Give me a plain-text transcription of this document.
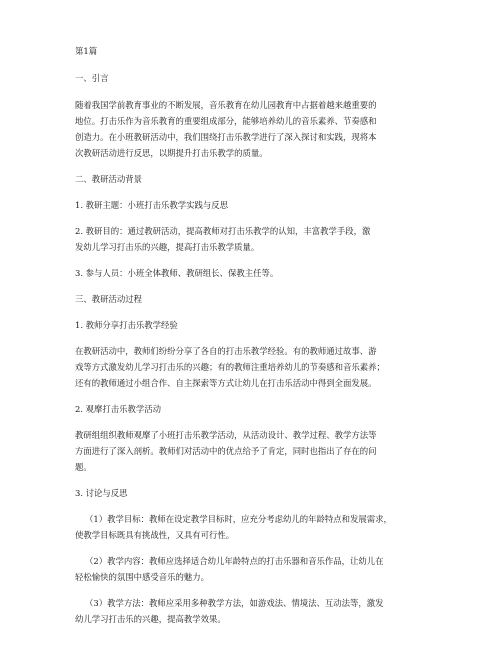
第1篇
一、引言
随着我国学前教育事业的不断发展，音乐教育在幼儿园教育中占据着越来越重要的
地位。打击乐作为音乐教育的重要组成部分，能够培养幼儿的音乐素养、节奏感和
创造力。在小班教研活动中，我们围绕打击乐教学进行了深入探讨和实践，现将本
次教研活动进行反思，以期提升打击乐教学的质量。
二、教研活动背景
1. 教研主题：小班打击乐教学实践与反思
2. 教研目的：通过教研活动，提高教师对打击乐教学的认知，丰富教学手段，激
发幼儿学习打击乐的兴趣，提高打击乐教学质量。
3. 参与人员：小班全体教师、教研组长、保教主任等。
三、教研活动过程
1. 教师分享打击乐教学经验
在教研活动中，教师们纷纷分享了各自的打击乐教学经验。有的教师通过故事、游
戏等方式激发幼儿学习打击乐的兴趣；有的教师注重培养幼儿的节奏感和音乐素养；
还有的教师通过小组合作、自主探索等方式让幼儿在打击乐活动中得到全面发展。
2. 观摩打击乐教学活动
教研组组织教师观摩了小班打击乐教学活动，从活动设计、教学过程、教学方法等
方面进行了深入剖析。教师们对活动中的优点给予了肯定，同时也指出了存在的问
题。
3. 讨论与反思
（1）教学目标：教师在设定教学目标时，应充分考虑幼儿的年龄特点和发展需求，
使教学目标既具有挑战性，又具有可行性。
（2）教学内容：教师应选择适合幼儿年龄特点的打击乐器和音乐作品，让幼儿在
轻松愉快的氛围中感受音乐的魅力。
（3）教学方法：教师应采用多种教学方法，如游戏法、情境法、互动法等，激发
幼儿学习打击乐的兴趣，提高教学效果。
